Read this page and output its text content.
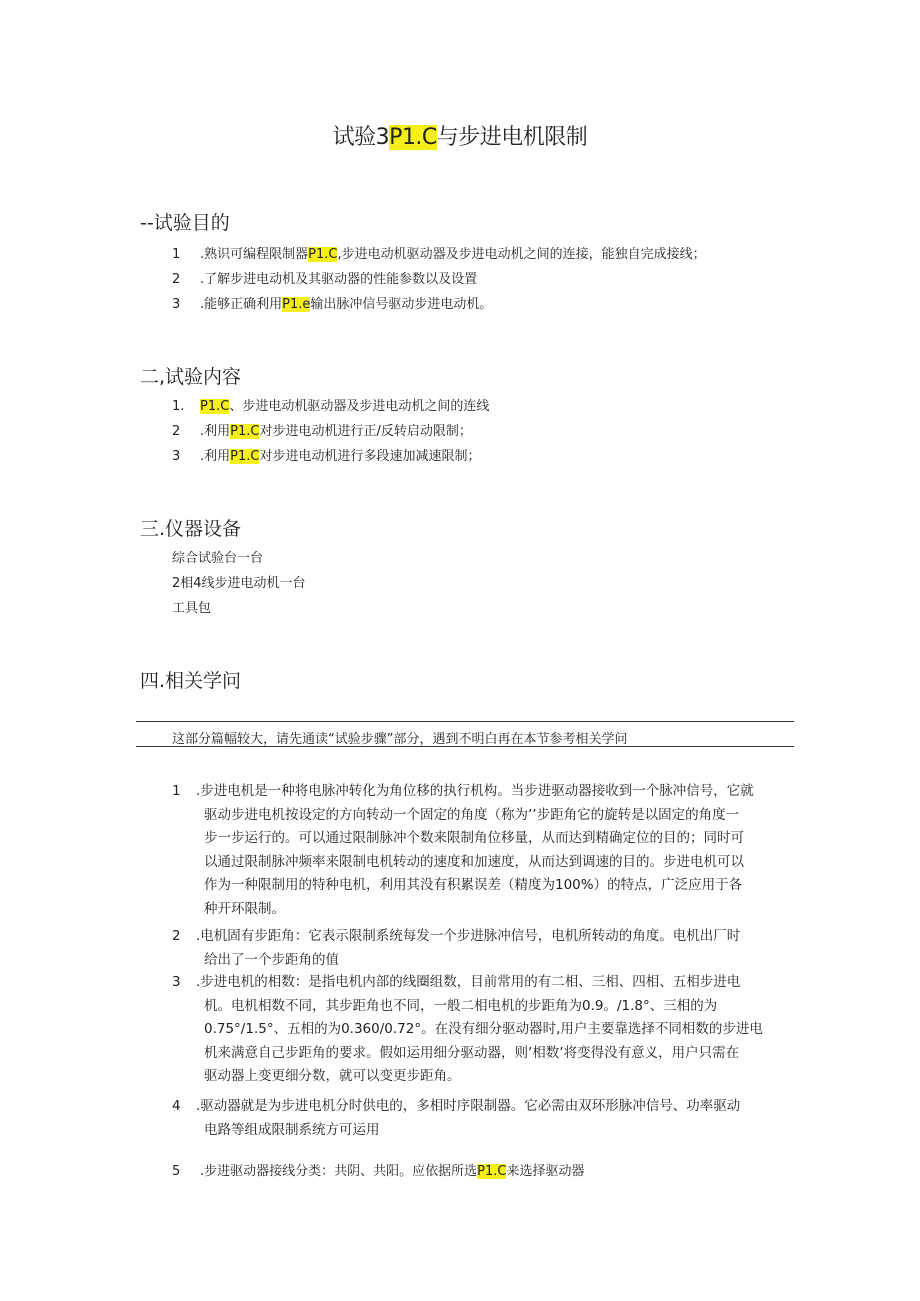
试验3P1.C与步进电机限制
--试验目的
1 .熟识可编程限制器P1.C,步进电动机驱动器及步进电动机之间的连接，能独自完成接线；
2 .了解步进电动机及其驱动器的性能参数以及设置
3 .能够正确利用P1.e输出脉冲信号驱动步进电动机。
二,试验内容
1. P1.C、步进电动机驱动器及步进电动机之间的连线
2 .利用P1.C对步进电动机进行正/反转启动限制；
3 .利用P1.C对步进电动机进行多段速加减速限制；
三.仪器设备
综合试验台一台
2相4线步进电动机一台
工具包
四.相关学问
这部分篇幅较大，请先通读“试验步骤”部分，遇到不明白再在本节参考相关学问
1 .步进电机是一种将电脉冲转化为角位移的执行机构。当步进驱动器接收到一个脉冲信号，它就
驱动步进电机按设定的方向转动一个固定的角度（称为’’步距角它的旋转是以固定的角度一
步一步运行的。可以通过限制脉冲个数来限制角位移量，从而达到精确定位的目的；同时可
以通过限制脉冲频率来限制电机转动的速度和加速度，从而达到调速的目的。步进电机可以
作为一种限制用的特种电机，利用其没有积累误差（精度为100%）的特点，广泛应用于各
种开环限制。
2 .电机固有步距角：它表示限制系统每发一个步进脉冲信号，电机所转动的角度。电机出厂时
给出了一个步距角的值
3 .步进电机的相数：是指电机内部的线圈组数，目前常用的有二相、三相、四相、五相步进电
机。电机相数不同，其步距角也不同，一般二相电机的步距角为0.9。/1.8°、三相的为
0.75°/1.5°、五相的为0.360/0.72°。在没有细分驱动器时,用户主要靠选择不同相数的步进电
机来满意自己步距角的要求。假如运用细分驱动器，则’相数’将变得没有意义，用户只需在
驱动器上变更细分数，就可以变更步距角。
4 .驱动器就是为步进电机分时供电的，多相时序限制器。它必需由双环形脉冲信号、功率驱动
电路等组成限制系统方可运用
5 .步进驱动器接线分类：共阴、共阳。应依据所选P1.C来选择驱动器
